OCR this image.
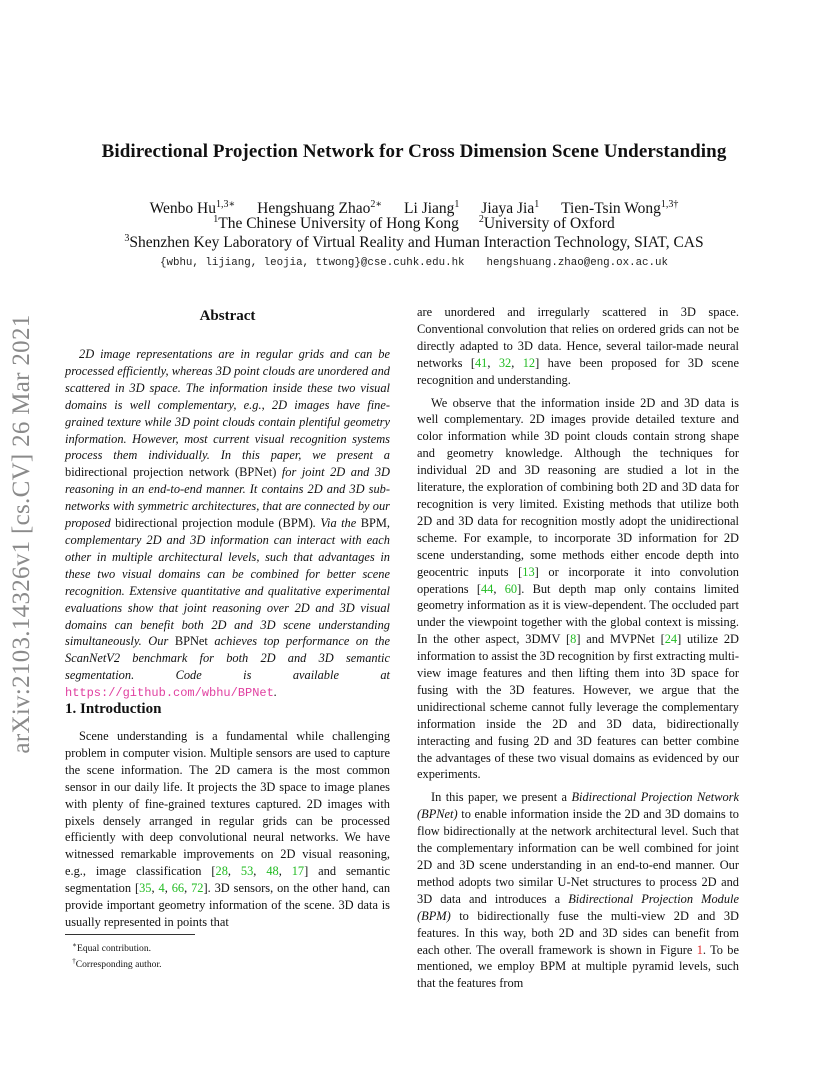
arXiv:2103.14326v1 [cs.CV] 26 Mar 2021
Bidirectional Projection Network for Cross Dimension Scene Understanding
Wenbo $Hu^{1,3∗}$ Hengshuang Zhao$^{2∗}$ Li Jiang$^1$ Jiaya Jia$^1$ Tien-Tsin Wong$^{1,3\dagger}$
$^1$The Chinese University of Hong Kong $^2$University of Oxford
$^3$Shenzhen Key Laboratory of Virtual Reality and Human Interaction Technology, SIAT, CAS
{wbhu, lijiang, leojia, ttwong}@cse.cuhk.edu.hk hengshuang.zhao@eng.ox.ac.uk
Abstract

2D image representations are in regular grids and can be processed efficiently, whereas 3D point clouds are unordered and scattered in 3D space. The information inside these two visual domains is well complementary, e.g., 2D images have fine-grained texture while 3D point clouds contain plentiful geometry information. However, most current visual recognition systems process them individually. In this paper, we present a bidirectional projection network (BPNet) for joint 2D and 3D reasoning in an end-to-end manner. It contains 2D and 3D sub-networks with symmetric architectures, that are connected by our proposed bidirectional projection module (BPM). Via the BPM, complementary 2D and 3D information can interact with each other in multiple architectural levels, such that advantages in these two visual domains can be combined for better scene recognition. Extensive quantitative and qualitative experimental evaluations show that joint reasoning over 2D and 3D visual domains can benefit both 2D and 3D scene understanding simultaneously. Our BPNet achieves top performance on the ScanNetV2 benchmark for both 2D and 3D semantic segmentation. Code is available at https://github.com/wbhu/BPNet.

1. Introduction

Scene understanding is a fundamental while challenging problem in computer vision. Multiple sensors are used to capture the scene information. The 2D camera is the most common sensor in our daily life. It projects the 3D space to image planes with plenty of fine-grained textures captured. 2D images with pixels densely arranged in regular grids can be processed efficiently with deep convolutional neural networks. We have witnessed remarkable improvements on 2D visual reasoning, e.g., image classification [28, 53, 48, 17] and semantic segmentation [35, 4, 66, 72]. 3D sensors, on the other hand, can provide important geometry information of the scene. 3D data is usually represented in points that

are unordered and irregularly scattered in 3D space. Conventional convolution that relies on ordered grids can not be directly adapted to 3D data. Hence, several tailor-made neural networks [41, 32, 12] have been proposed for 3D scene recognition and understanding.

We observe that the information inside 2D and 3D data is well complementary. 2D images provide detailed texture and color information while 3D point clouds contain strong shape and geometry knowledge. Although the techniques for individual 2D and 3D reasoning are studied a lot in the literature, the exploration of combining both 2D and 3D data for recognition is very limited. Existing methods that utilize both 2D and 3D data for recognition mostly adopt the unidirectional scheme. For example, to incorporate 3D information for 2D scene understanding, some methods either encode depth into geocentric inputs [13] or incorporate it into convolution operations [44, 60]. But depth map only contains limited geometry information as it is view-dependent. The occluded part under the viewpoint together with the global context is missing. In the other aspect, 3DMV [8] and MVPNet [24] utilize 2D information to assist the 3D recognition by first extracting multi-view image features and then lifting them into 3D space for fusing with the 3D features. However, we argue that the unidirectional scheme cannot fully leverage the complementary information inside the 2D and 3D data, bidirectionally interacting and fusing 2D and 3D features can better combine the advantages of these two visual domains as evidenced by our experiments.

In this paper, we present a Bidirectional Projection Network (BPNet) to enable information inside the 2D and 3D domains to flow bidirectionally at the network architectural level. Such that the complementary information can be well combined for joint 2D and 3D scene understanding in an end-to-end manner. Our method adopts two similar U-Net structures to process 2D and 3D data and introduces a Bidirectional Projection Module (BPM) to bidirectionally fuse the multi-view 2D and 3D features. In this way, both 2D and 3D sides can benefit from each other. The overall framework is shown in Figure 1. To be mentioned, we employ BPM at multiple pyramid levels, such that the features from

∗Equal contribution.
†Corresponding author.
